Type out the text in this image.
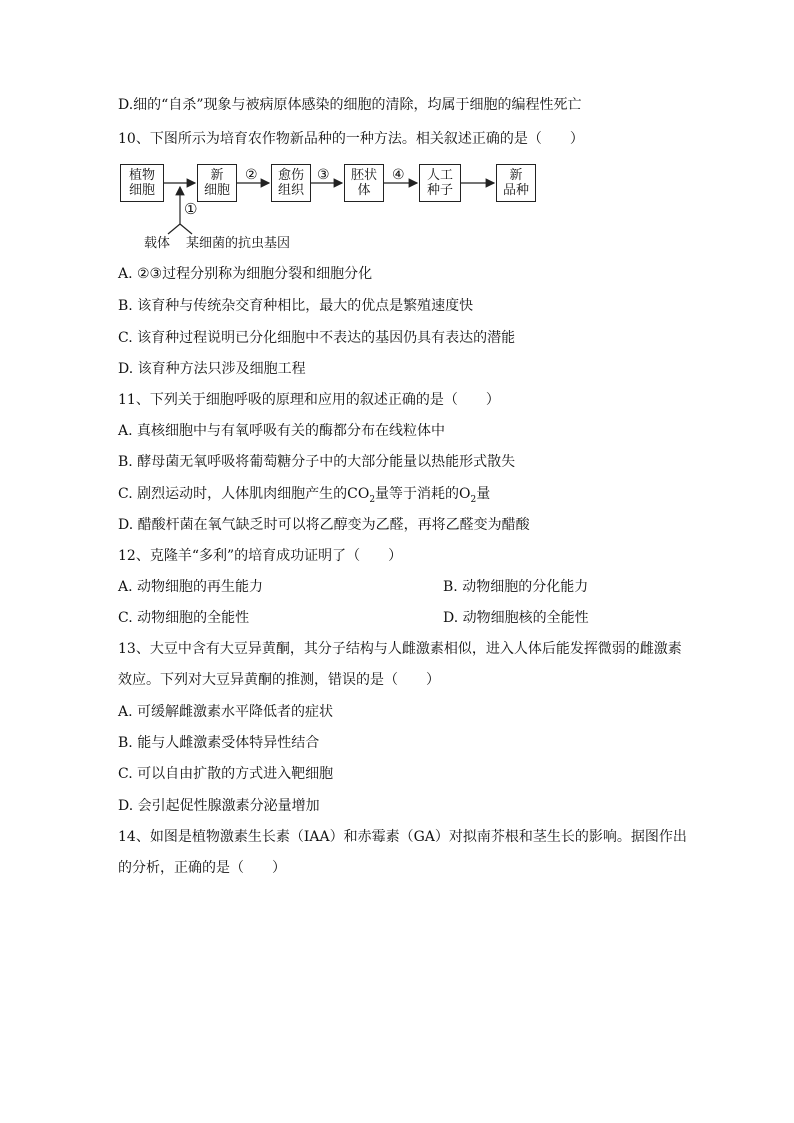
D.细的“自杀”现象与被病原体感染的细胞的清除，均属于细胞的编程性死亡
10、下图所示为培育农作物新品种的一种方法。相关叙述正确的是（　　）
植物
细胞
新
细胞
愈伤
组织
胚状
体
人工
种子
新
品种
②	③	④
①
载体 某细菌的抗虫基因
A. ②③过程分别称为细胞分裂和细胞分化
B. 该育种与传统杂交育种相比，最大的优点是繁殖速度快
C. 该育种过程说明已分化细胞中不表达的基因仍具有表达的潜能
D. 该育种方法只涉及细胞工程
11、下列关于细胞呼吸的原理和应用的叙述正确的是（　　）
A. 真核细胞中与有氧呼吸有关的酶都分布在线粒体中
B. 酵母菌无氧呼吸将葡萄糖分子中的大部分能量以热能形式散失
C. 剧烈运动时，人体肌肉细胞产生的$CO_2$量等于消耗的$O_2$量
D. 醋酸杆菌在氧气缺乏时可以将乙醇变为乙醛，再将乙醛变为醋酸
12、克隆羊“多利”的培育成功证明了（　　）
A. 动物细胞的再生能力	B. 动物细胞的分化能力
C. 动物细胞的全能性	D. 动物细胞核的全能性
13、大豆中含有大豆异黄酮，其分子结构与人雌激素相似，进入人体后能发挥微弱的雌激素
效应。下列对大豆异黄酮的推测，错误的是（　　）
A. 可缓解雌激素水平降低者的症状
B. 能与人雌激素受体特异性结合
C. 可以自由扩散的方式进入靶细胞
D. 会引起促性腺激素分泌量增加
14、如图是植物激素生长素（IAA）和赤霉素（GA）对拟南芥根和茎生长的影响。据图作出
的分析，正确的是（　　）
